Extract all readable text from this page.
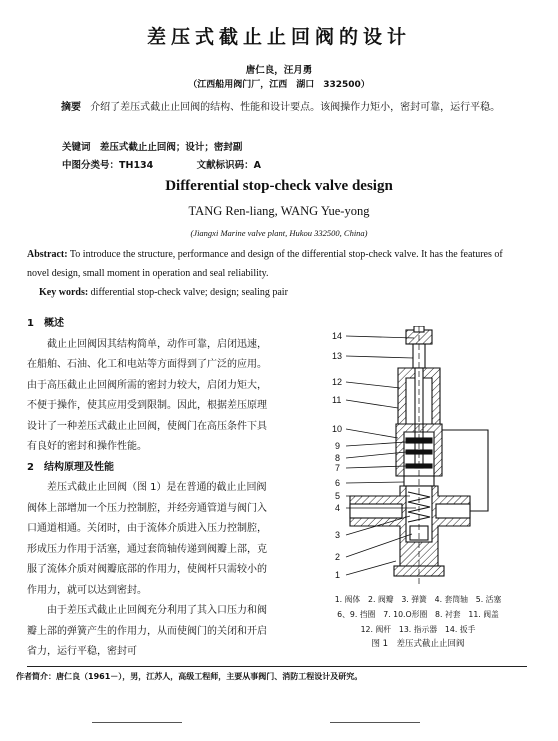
差压式截止止回阀的设计
唐仁良，汪月勇
（江西船用阀门厂，江西　湖口　332500）
摘要 介绍了差压式截止止回阀的结构、性能和设计要点。该阀操作力矩小，密封可靠，运行平稳。
关键词 差压式截止止回阀；设计；密封副
中图分类号：TH134	文献标识码：A
Differential stop-check valve design
TANG Ren-liang, WANG Yue-yong
(Jiangxi Marine valve plant, Hukou 332500, China)
Abstract: To introduce the structure, performance and design of the differential stop-check valve. It has the features of novel design, small moment in operation and seal reliability.
Key words: differential stop-check valve; design; sealing pair
1　概述
截止止回阀因其结构简单，动作可靠，启闭迅速，在船舶、石油、化工和电站等方面得到了广泛的应用。由于高压截止止回阀所需的密封力较大，启闭力矩大，不便于操作，使其应用受到限制。因此，根据差压原理设计了一种差压式截止止回阀，使阀门在高压条件下具有良好的密封和操作性能。
2　结构原理及性能
差压式截止止回阀（图 1）是在普通的截止止回阀阀体上部增加一个压力控制腔，并经旁通管道与阀门入口通道相通。关闭时，由于流体介质进入压力控制腔，形成压力作用于活塞，通过套筒轴传递到阀瓣上部，克服了流体介质对阀瓣底部的作用力，使阀杆只需较小的作用力，就可以达到密封。
由于差压式截止止回阀充分利用了其入口压力和阀瓣上部的弹簧产生的作用力，从而使阀门的关闭和开启省力，运行平稳，密封可
14
13
12
11
10
9
8
7
6
5
4
3
2
1
1. 阀体　2. 阀瓣　3. 弹簧　4. 套筒轴　5. 活塞
6、9. 挡圈　7. 10.O形圈　8. 衬套　11. 阀盖
12. 阀杆　13. 指示器　14. 扳手
图 1　差压式截止止回阀
作者简介：唐仁良（1961－），男，江苏人，高级工程师，主要从事阀门、消防工程设计及研究。
